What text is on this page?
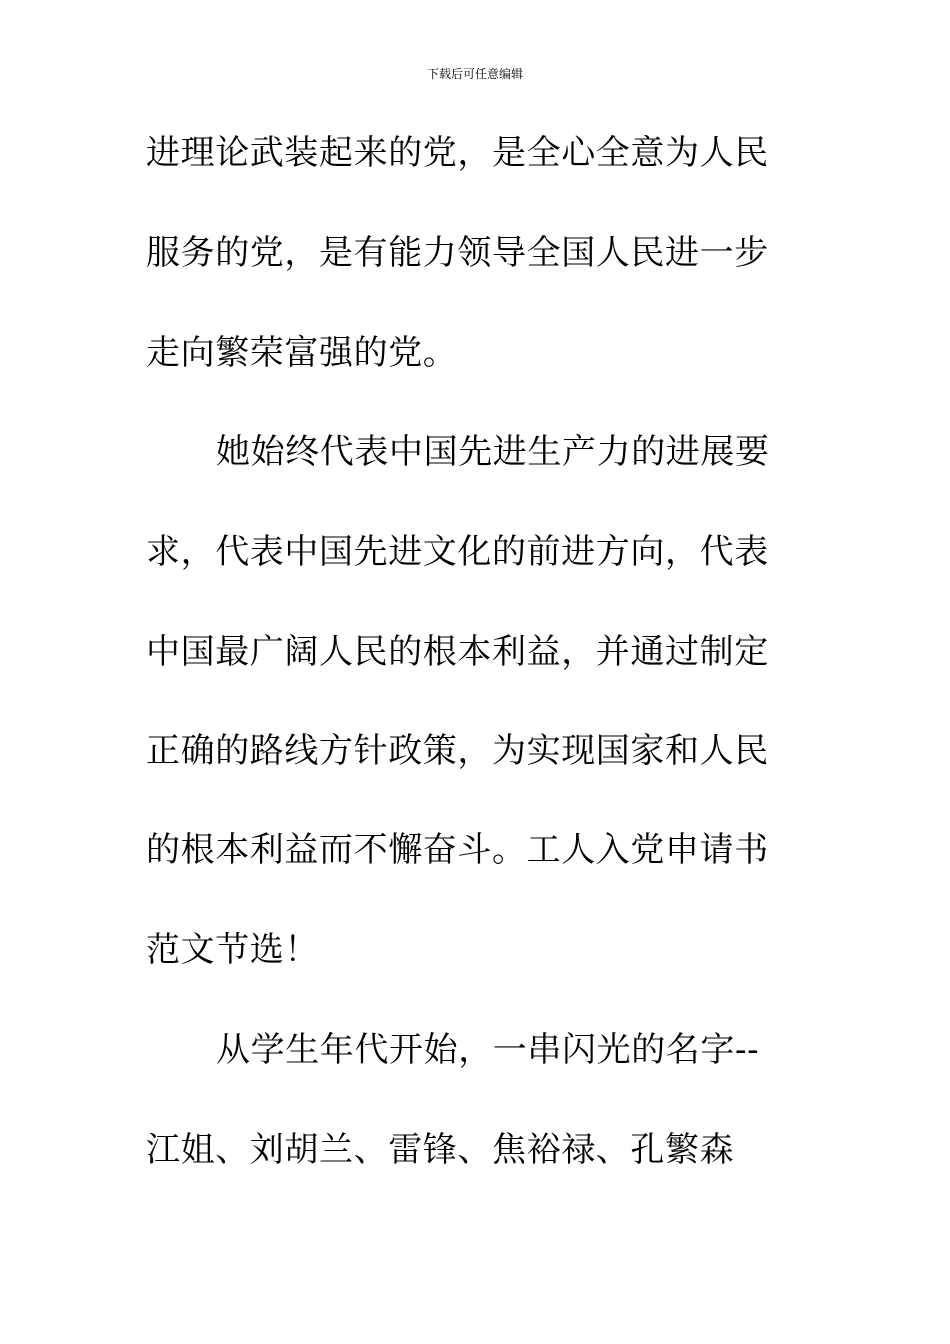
下载后可任意编辑
进理论武装起来的党，是全心全意为人民
服务的党，是有能力领导全国人民进一步
走向繁荣富强的党。
她始终代表中国先进生产力的进展要
求，代表中国先进文化的前进方向，代表
中国最广阔人民的根本利益，并通过制定
正确的路线方针政策，为实现国家和人民
的根本利益而不懈奋斗。工人入党申请书
范文节选！
从学生年代开始，一串闪光的名字--
江姐、刘胡兰、雷锋、焦裕禄、孔繁森
